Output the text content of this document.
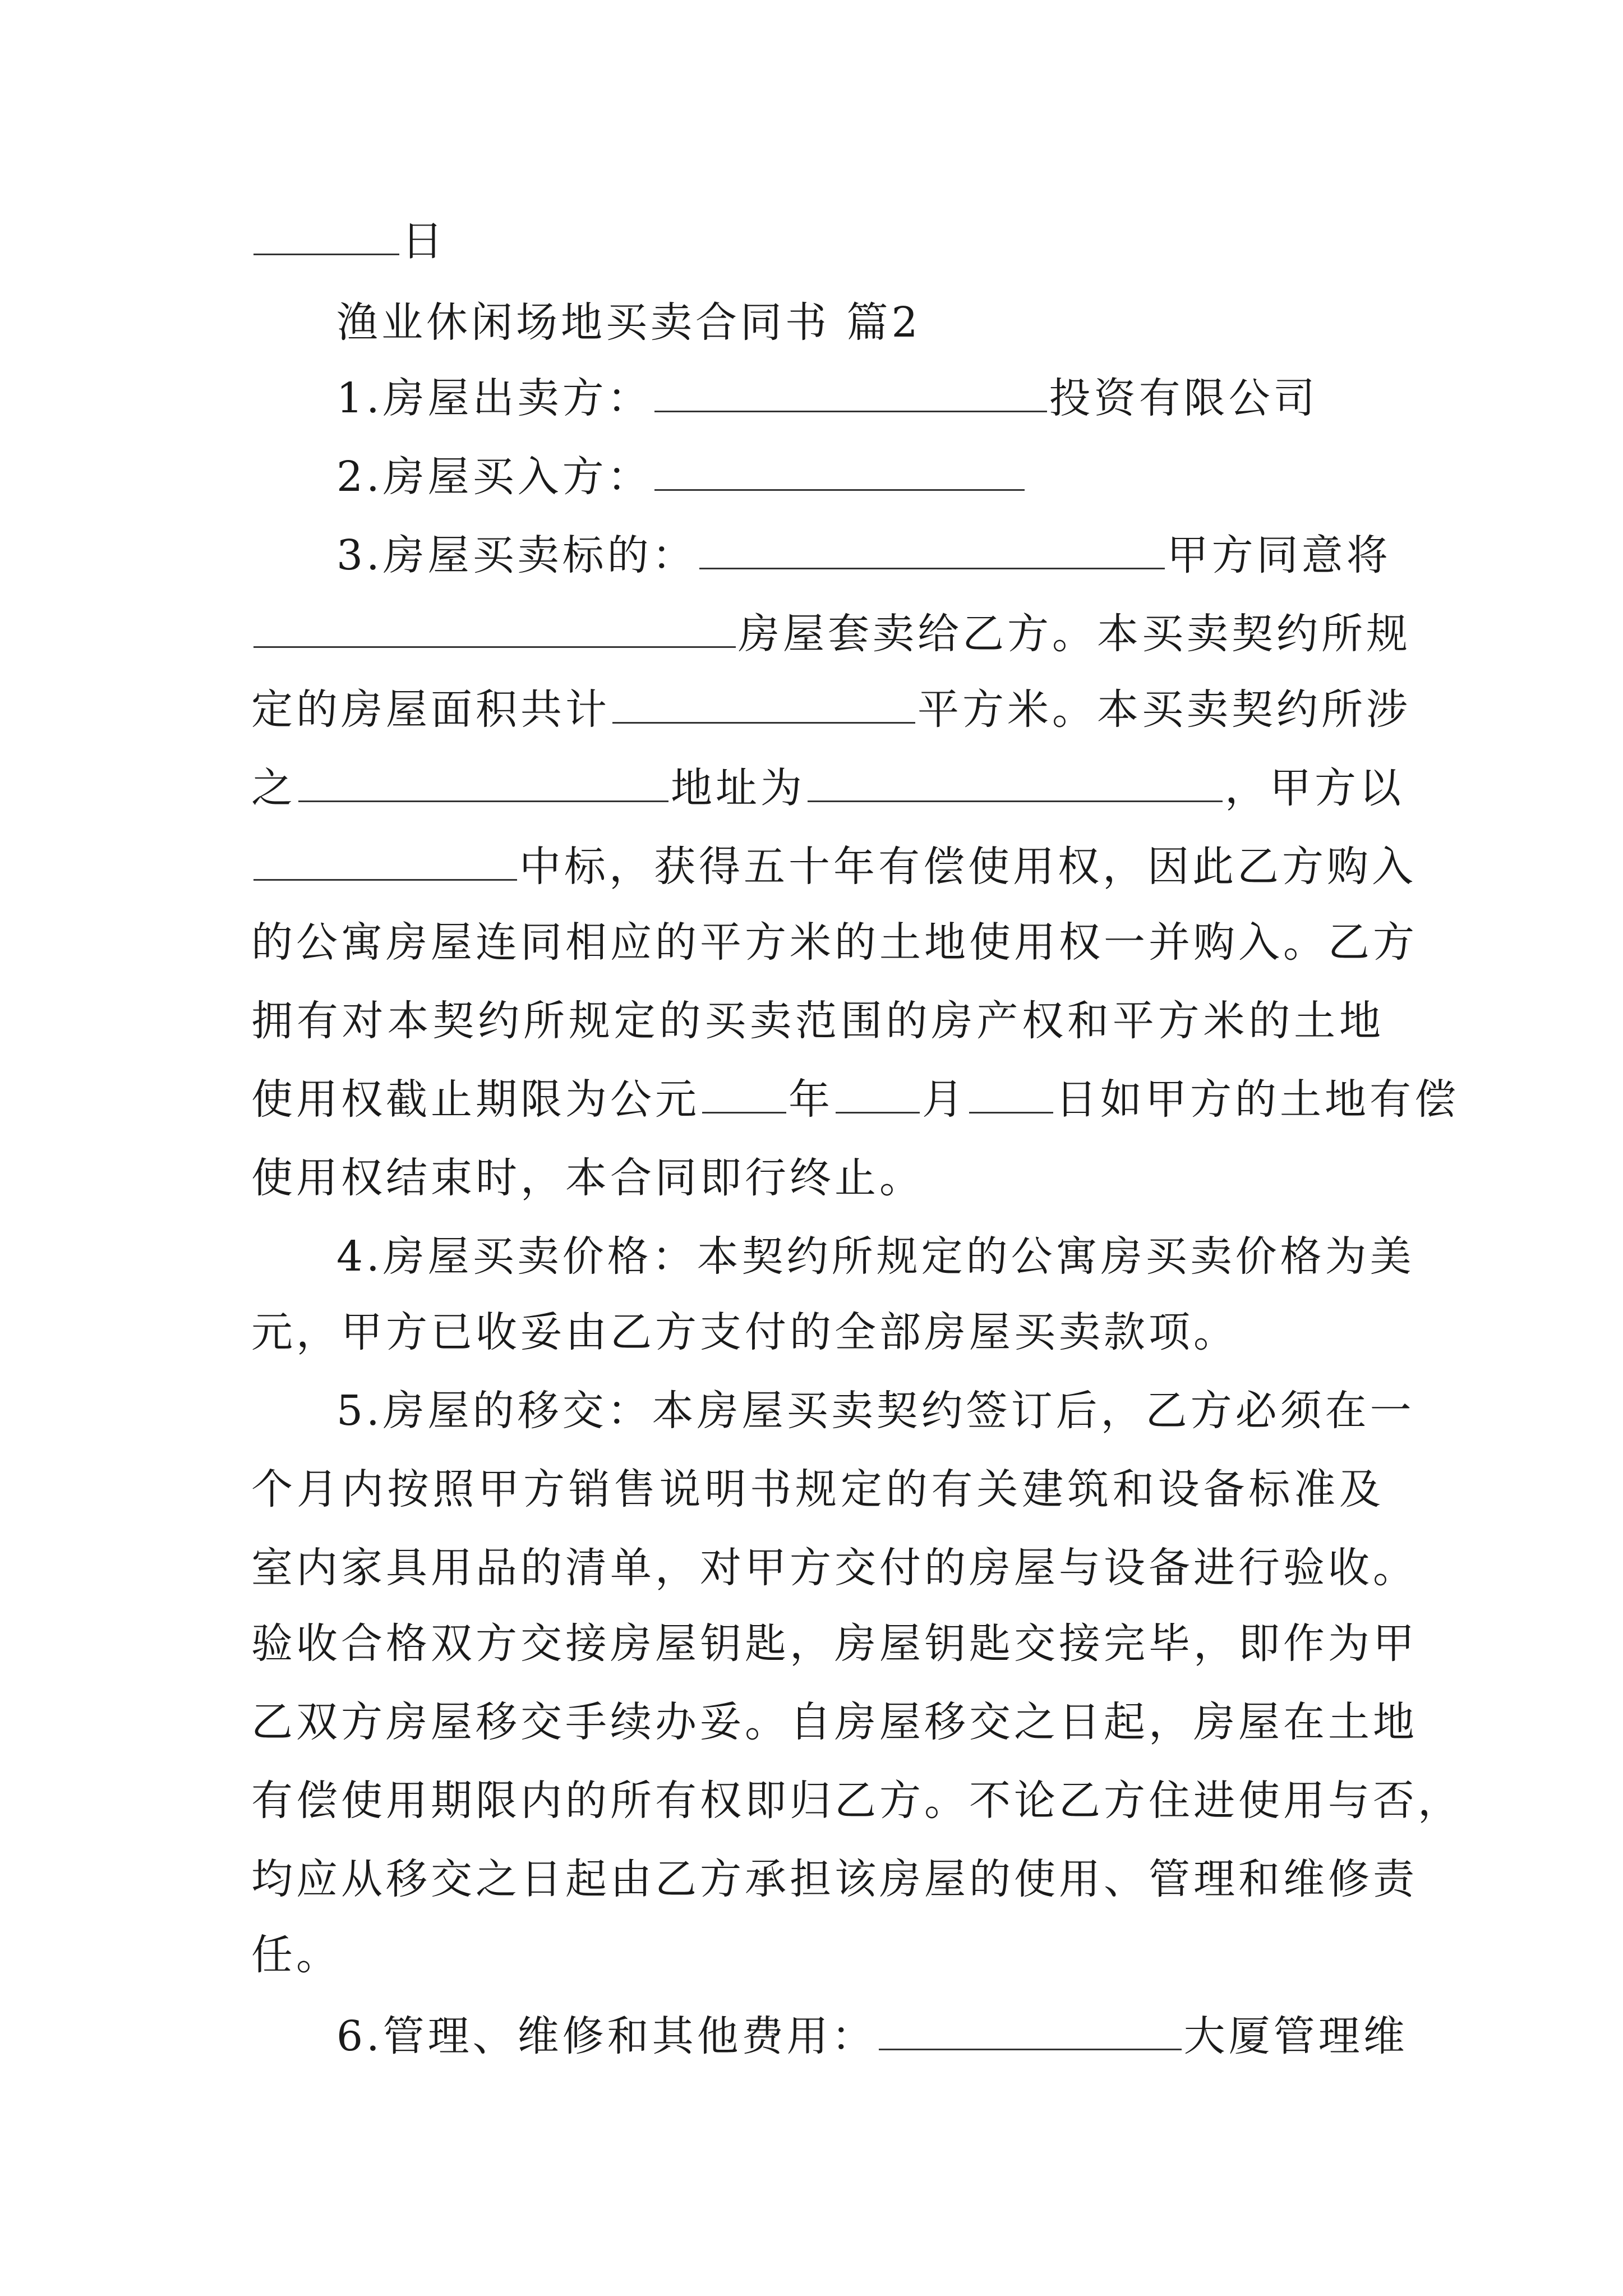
日
渔业休闲场地买卖合同书 篇2
1.房屋出卖方：	投资有限公司
2.房屋买入方：
3.房屋买卖标的：	甲方同意将
房屋套卖给乙方。本买卖契约所规
定的房屋面积共计	平方米。本买卖契约所涉
之	地址为	，甲方以
中标，获得五十年有偿使用权，因此乙方购入
的公寓房屋连同相应的平方米的土地使用权一并购入。乙方
拥有对本契约所规定的买卖范围的房产权和平方米的土地
使用权截止期限为公元 年 月 日如甲方的土地有偿
使用权结束时，本合同即行终止。
4.房屋买卖价格：本契约所规定的公寓房买卖价格为美
元，甲方已收妥由乙方支付的全部房屋买卖款项。
5.房屋的移交：本房屋买卖契约签订后，乙方必须在一
个月内按照甲方销售说明书规定的有关建筑和设备标准及
室内家具用品的清单，对甲方交付的房屋与设备进行验收。
验收合格双方交接房屋钥匙，房屋钥匙交接完毕，即作为甲
乙双方房屋移交手续办妥。自房屋移交之日起，房屋在土地
有偿使用期限内的所有权即归乙方。不论乙方住进使用与否，
均应从移交之日起由乙方承担该房屋的使用、管理和维修责
任。
6.管理、维修和其他费用：	大厦管理维
